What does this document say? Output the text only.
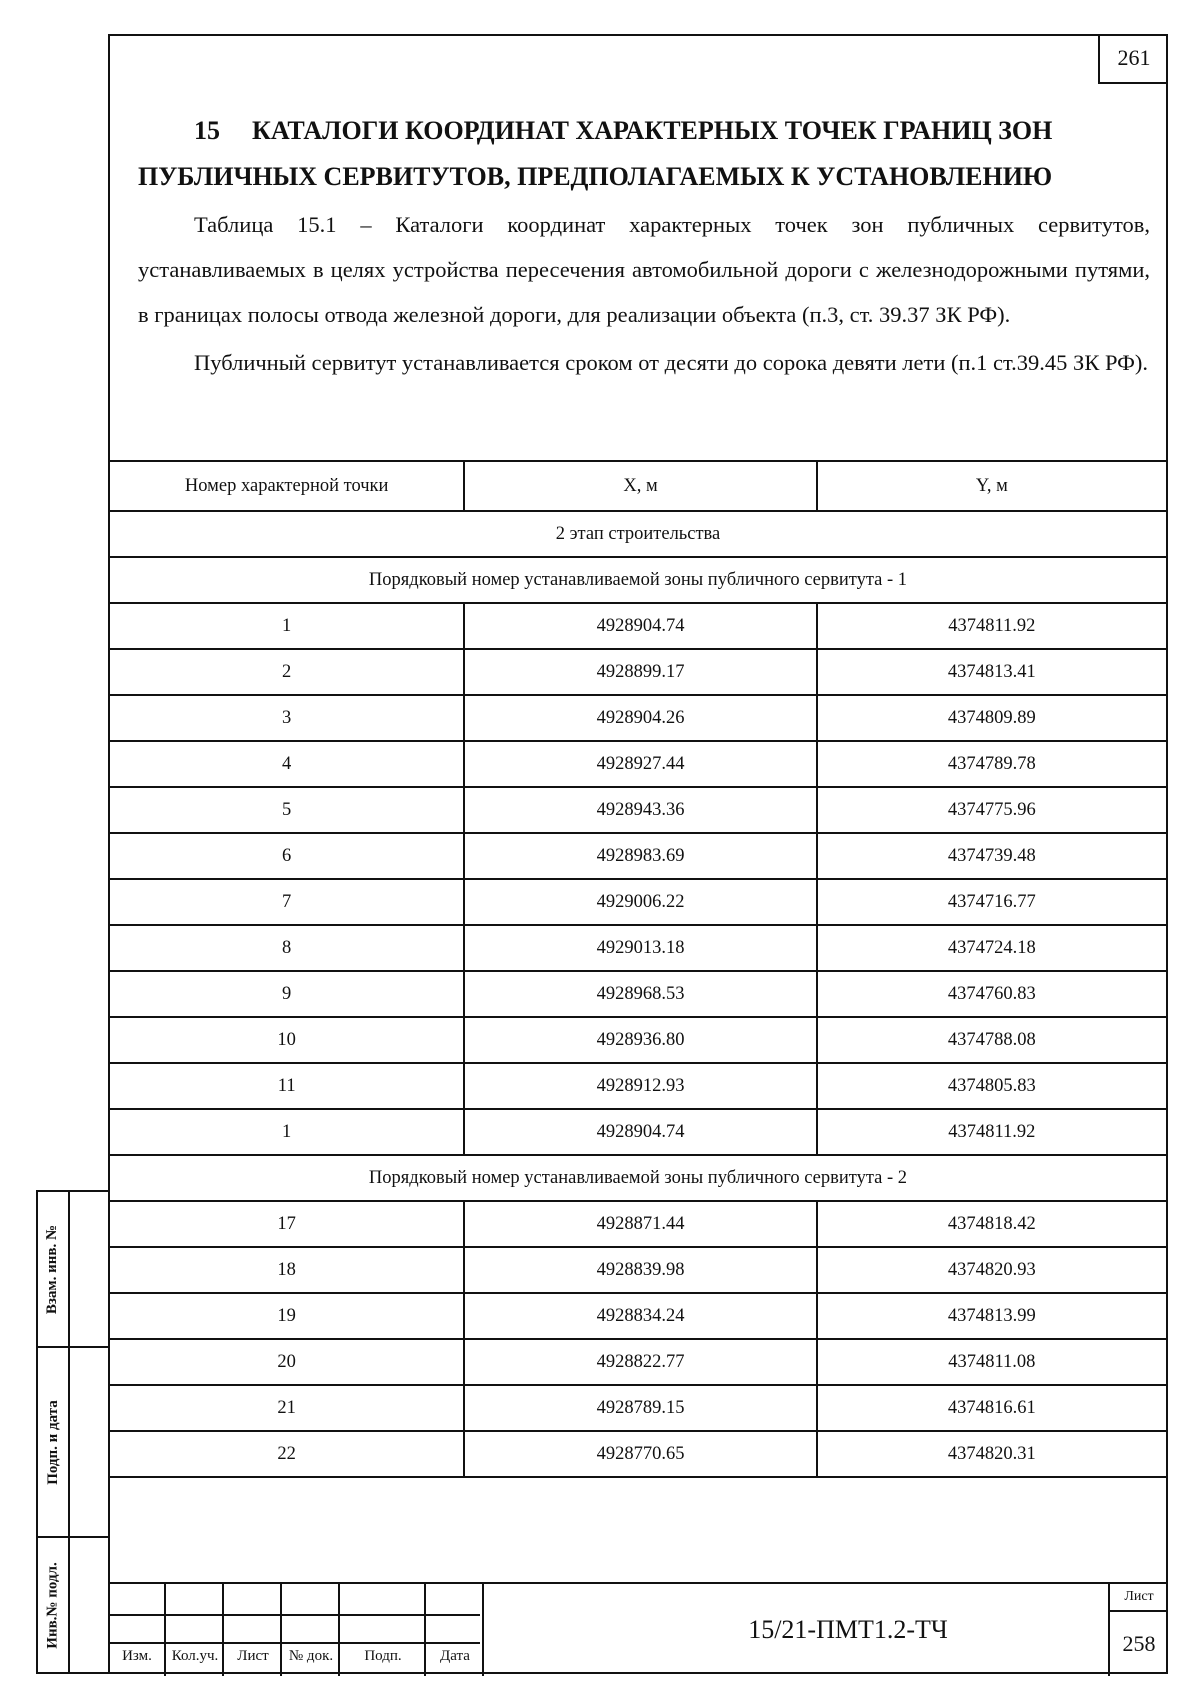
261
15 КАТАЛОГИ КООРДИНАТ ХАРАКТЕРНЫХ ТОЧЕК ГРАНИЦ ЗОН ПУБЛИЧНЫХ СЕРВИТУТОВ, ПРЕДПОЛАГАЕМЫХ К УСТАНОВЛЕНИЮ
Таблица 15.1 – Каталоги координат характерных точек зон публичных сервитутов, устанавливаемых в целях устройства пересечения автомобильной дороги с железнодорожными путями, в границах полосы отвода железной дороги, для реализации объекта (п.3, ст. 39.37 ЗК РФ).
Публичный сервитут устанавливается сроком от десяти до сорока девяти лети (п.1 ст.39.45 ЗК РФ).
Номер характерной точки	X, м	Y, м
2 этап строительства		
Порядковый номер устанавливаемой зоны публичного сервитута - 1		
1	4928904.74	4374811.92
2	4928899.17	4374813.41
3	4928904.26	4374809.89
4	4928927.44	4374789.78
5	4928943.36	4374775.96
6	4928983.69	4374739.48
7	4929006.22	4374716.77
8	4929013.18	4374724.18
9	4928968.53	4374760.83
10	4928936.80	4374788.08
11	4928912.93	4374805.83
1	4928904.74	4374811.92
Порядковый номер устанавливаемой зоны публичного сервитута - 2		
17	4928871.44	4374818.42
18	4928839.98	4374820.93
19	4928834.24	4374813.99
20	4928822.77	4374811.08
21	4928789.15	4374816.61
22	4928770.65	4374820.31
Взам. инв. №
Подп. и дата
Инв.№ подл.
Изм.	Кол.уч.	Лист	№ док.	Подп.	Дата
15/21-ПМТ1.2-ТЧ
Лист
258
